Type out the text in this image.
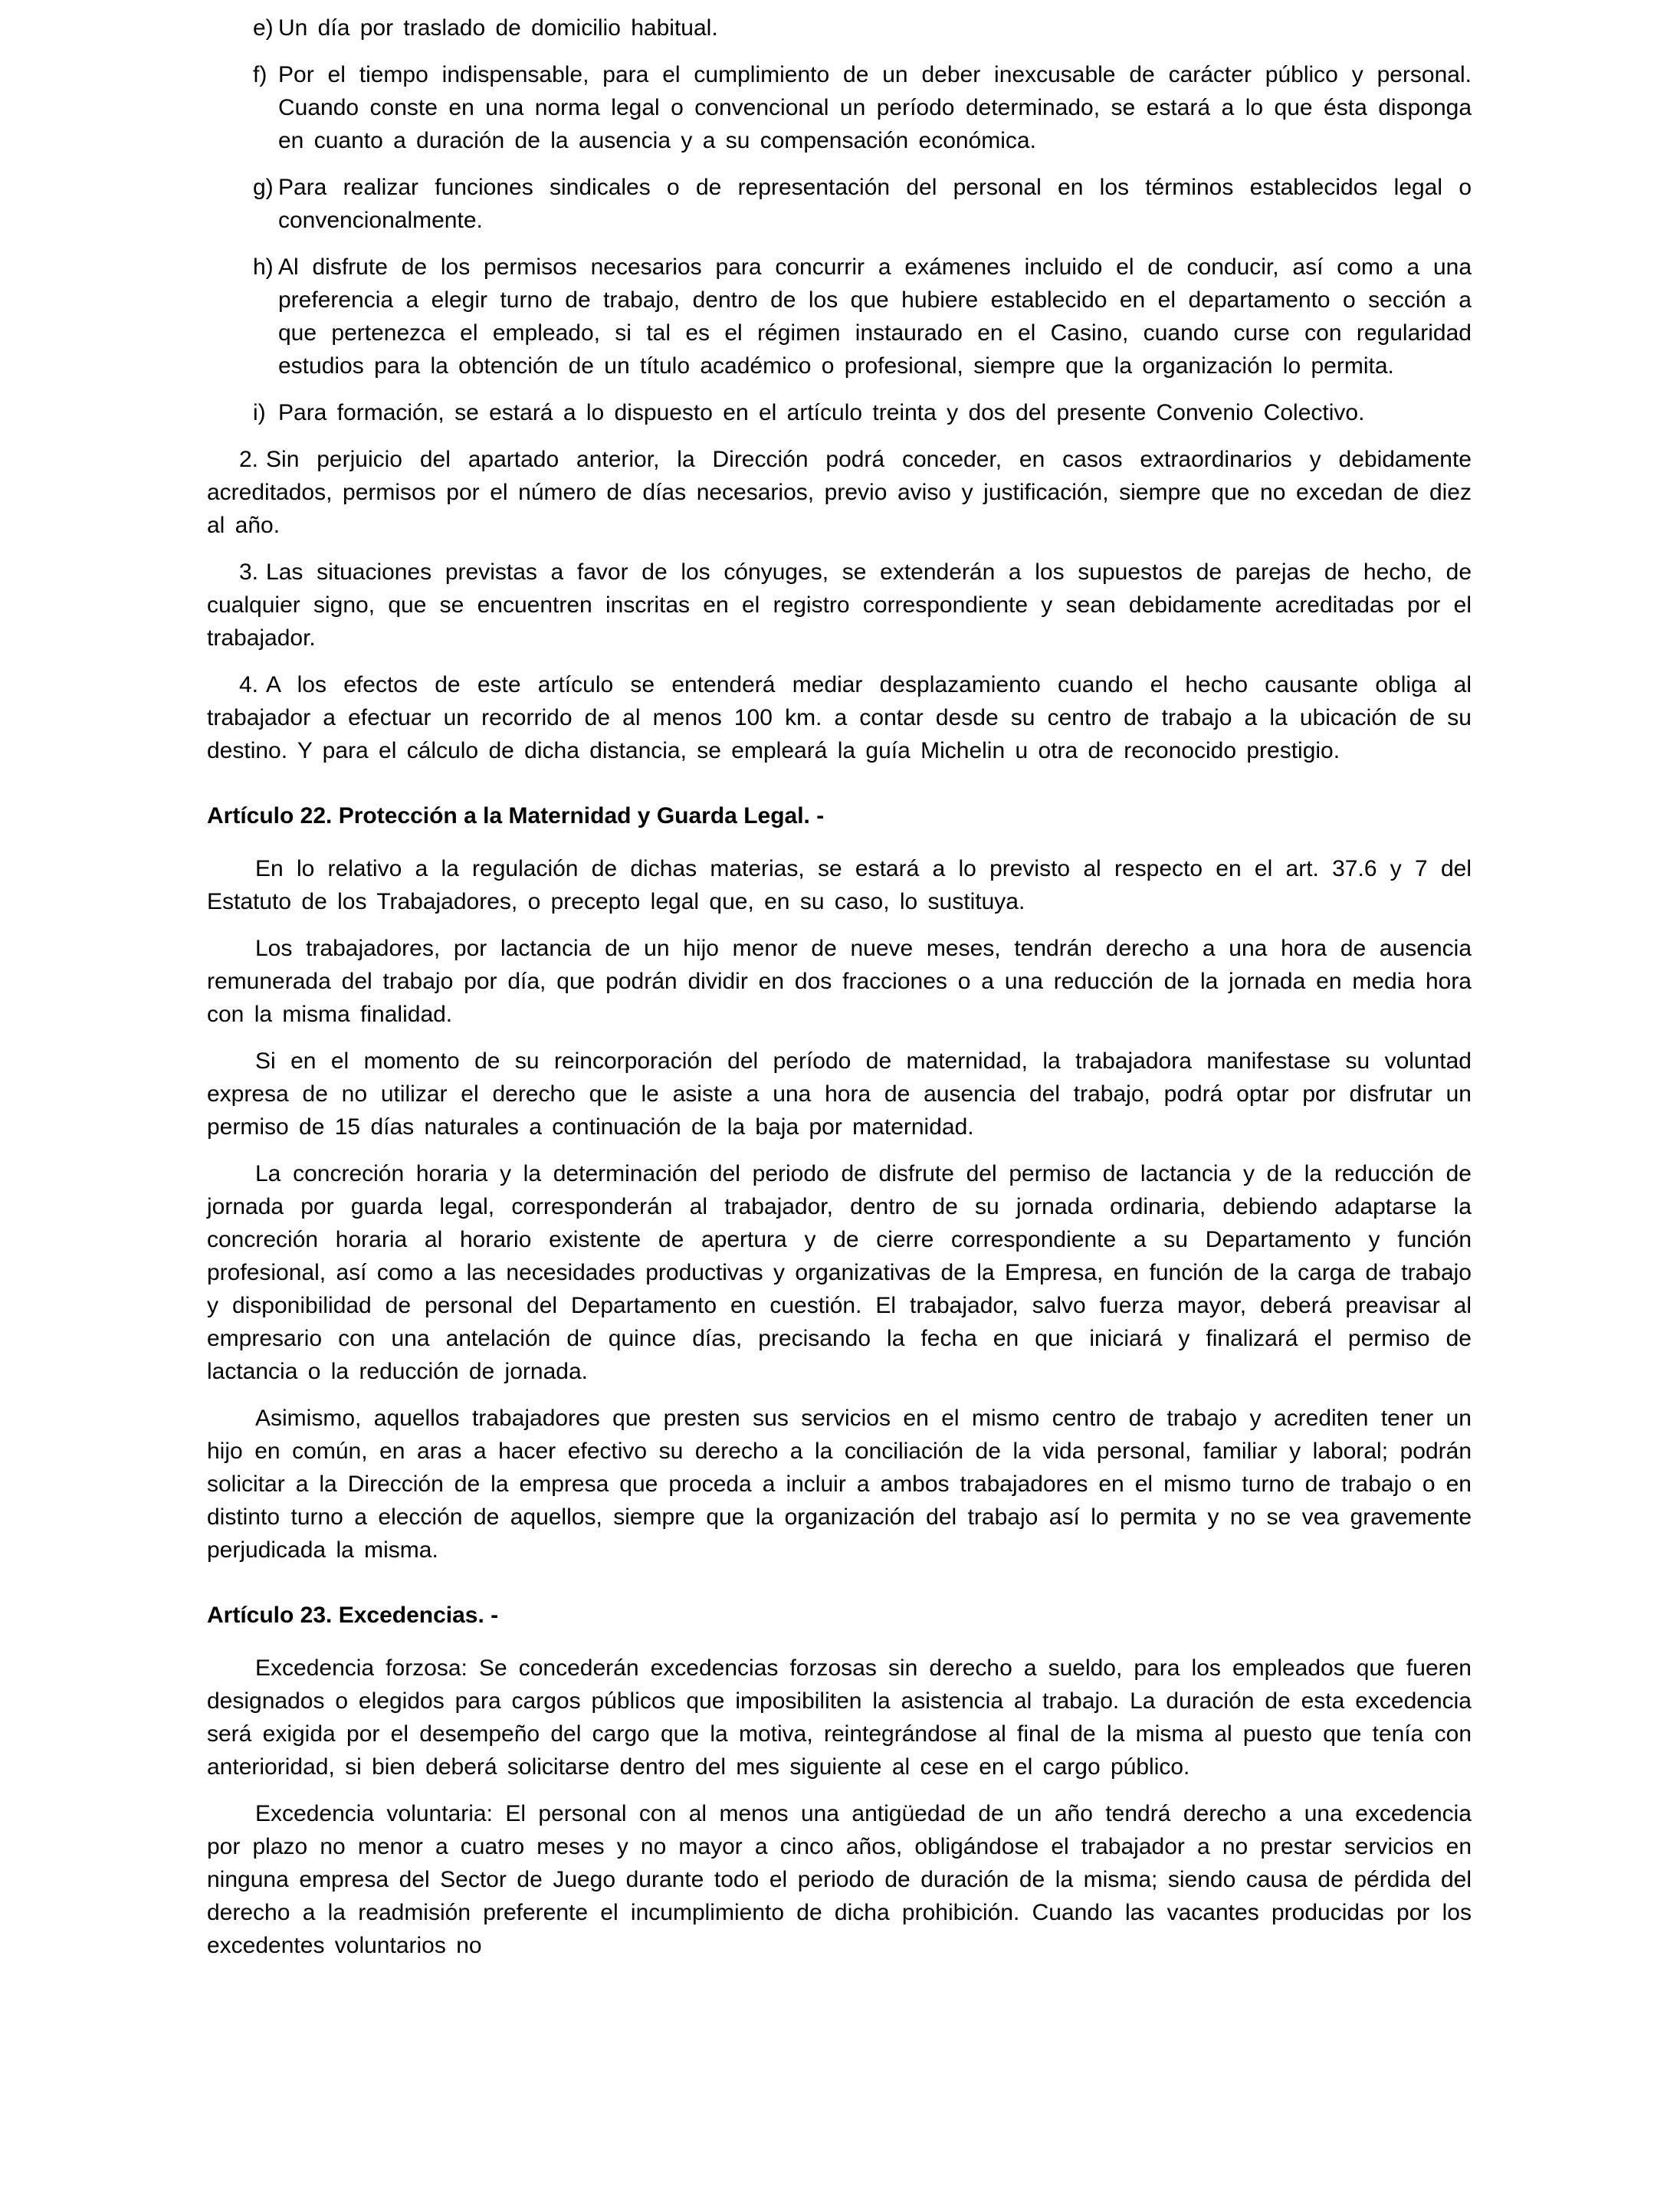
e) Un día por traslado de domicilio habitual.
f) Por el tiempo indispensable, para el cumplimiento de un deber inexcusable de carácter público y personal. Cuando conste en una norma legal o convencional un período determinado, se estará a lo que ésta disponga en cuanto a duración de la ausencia y a su compensación económica.
g) Para realizar funciones sindicales o de representación del personal en los términos establecidos legal o convencionalmente.
h) Al disfrute de los permisos necesarios para concurrir a exámenes incluido el de conducir, así como a una preferencia a elegir turno de trabajo, dentro de los que hubiere establecido en el departamento o sección a que pertenezca el empleado, si tal es el régimen instaurado en el Casino, cuando curse con regularidad estudios para la obtención de un título académico o profesional, siempre que la organización lo permita.
i) Para formación, se estará a lo dispuesto en el artículo treinta y dos del presente Convenio Colectivo.

2. Sin perjuicio del apartado anterior, la Dirección podrá conceder, en casos extraordinarios y debidamente acreditados, permisos por el número de días necesarios, previo aviso y justificación, siempre que no excedan de diez al año.

3. Las situaciones previstas a favor de los cónyuges, se extenderán a los supuestos de parejas de hecho, de cualquier signo, que se encuentren inscritas en el registro correspondiente y sean debidamente acreditadas por el trabajador.

4. A los efectos de este artículo se entenderá mediar desplazamiento cuando el hecho causante obliga al trabajador a efectuar un recorrido de al menos 100 km. a contar desde su centro de trabajo a la ubicación de su destino. Y para el cálculo de dicha distancia, se empleará la guía Michelin u otra de reconocido prestigio.

Artículo 22. Protección a la Maternidad y Guarda Legal. -

En lo relativo a la regulación de dichas materias, se estará a lo previsto al respecto en el art. 37.6 y 7 del Estatuto de los Trabajadores, o precepto legal que, en su caso, lo sustituya.

Los trabajadores, por lactancia de un hijo menor de nueve meses, tendrán derecho a una hora de ausencia remunerada del trabajo por día, que podrán dividir en dos fracciones o a una reducción de la jornada en media hora con la misma finalidad.

Si en el momento de su reincorporación del período de maternidad, la trabajadora manifestase su voluntad expresa de no utilizar el derecho que le asiste a una hora de ausencia del trabajo, podrá optar por disfrutar un permiso de 15 días naturales a continuación de la baja por maternidad.

La concreción horaria y la determinación del periodo de disfrute del permiso de lactancia y de la reducción de jornada por guarda legal, corresponderán al trabajador, dentro de su jornada ordinaria, debiendo adaptarse la concreción horaria al horario existente de apertura y de cierre correspondiente a su Departamento y función profesional, así como a las necesidades productivas y organizativas de la Empresa, en función de la carga de trabajo y disponibilidad de personal del Departamento en cuestión. El trabajador, salvo fuerza mayor, deberá preavisar al empresario con una antelación de quince días, precisando la fecha en que iniciará y finalizará el permiso de lactancia o la reducción de jornada.

Asimismo, aquellos trabajadores que presten sus servicios en el mismo centro de trabajo y acrediten tener un hijo en común, en aras a hacer efectivo su derecho a la conciliación de la vida personal, familiar y laboral; podrán solicitar a la Dirección de la empresa que proceda a incluir a ambos trabajadores en el mismo turno de trabajo o en distinto turno a elección de aquellos, siempre que la organización del trabajo así lo permita y no se vea gravemente perjudicada la misma.

Artículo 23. Excedencias. -

Excedencia forzosa: Se concederán excedencias forzosas sin derecho a sueldo, para los empleados que fueren designados o elegidos para cargos públicos que imposibiliten la asistencia al trabajo. La duración de esta excedencia será exigida por el desempeño del cargo que la motiva, reintegrándose al final de la misma al puesto que tenía con anterioridad, si bien deberá solicitarse dentro del mes siguiente al cese en el cargo público.

Excedencia voluntaria: El personal con al menos una antigüedad de un año tendrá derecho a una excedencia por plazo no menor a cuatro meses y no mayor a cinco años, obligándose el trabajador a no prestar servicios en ninguna empresa del Sector de Juego durante todo el periodo de duración de la misma; siendo causa de pérdida del derecho a la readmisión preferente el incumplimiento de dicha prohibición. Cuando las vacantes producidas por los excedentes voluntarios no
